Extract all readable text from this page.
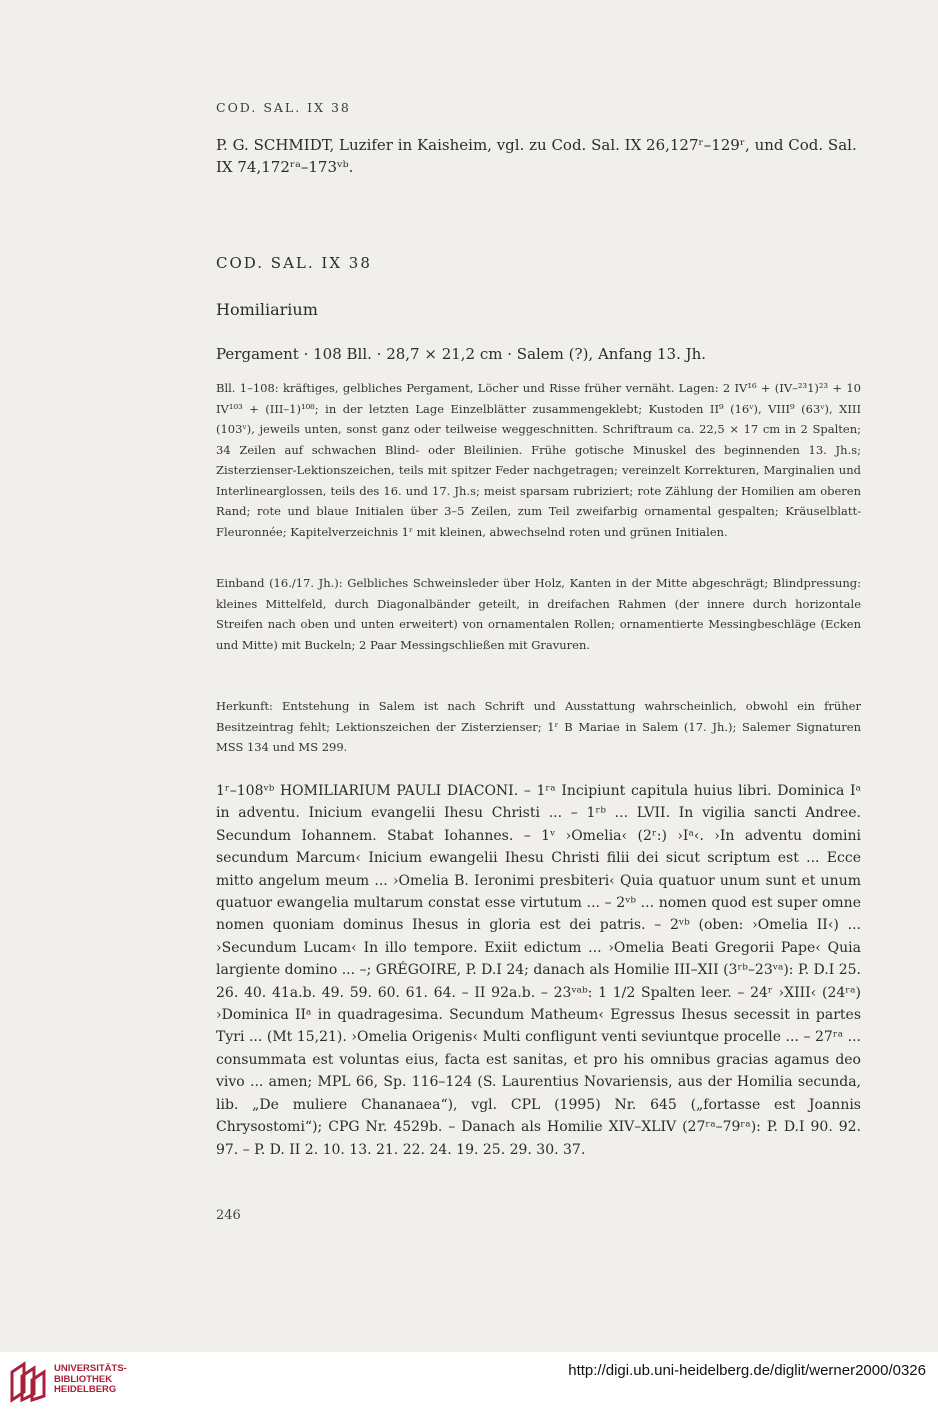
COD. SAL. IX 38
P. G. SCHMIDT, Luzifer in Kaisheim, vgl. zu Cod. Sal. IX 26,127ʳ–129ʳ, und Cod. Sal. IX 74,172ʳᵃ–173ᵛᵇ.
COD. SAL. IX 38
Homiliarium
Pergament · 108 Bll. · 28,7 × 21,2 cm · Salem (?), Anfang 13. Jh.
Bll. 1–108: kräftiges, gelbliches Pergament, Löcher und Risse früher vernäht. Lagen: 2 IV¹⁶ + (IV–²³1)²³ + 10 IV¹⁰³ + (III–1)¹⁰⁸; in der letzten Lage Einzelblätter zusammengeklebt; Kustoden II⁹ (16ᵛ), VIII⁹ (63ᵛ), XIII (103ᵛ), jeweils unten, sonst ganz oder teilweise weggeschnitten. Schriftraum ca. 22,5 × 17 cm in 2 Spalten; 34 Zeilen auf schwachen Blind- oder Bleilinien. Frühe gotische Minuskel des beginnenden 13. Jh.s; Zisterzienser-Lektionszeichen, teils mit spitzer Feder nachgetragen; vereinzelt Korrekturen, Marginalien und Interlinearglossen, teils des 16. und 17. Jh.s; meist sparsam rubriziert; rote Zählung der Homilien am oberen Rand; rote und blaue Initialen über 3–5 Zeilen, zum Teil zweifarbig ornamental gespalten; Kräuselblatt-Fleuronnée; Kapitelverzeichnis 1ʳ mit kleinen, abwechselnd roten und grünen Initialen.
Einband (16./17. Jh.): Gelbliches Schweinsleder über Holz, Kanten in der Mitte abgeschrägt; Blindpressung: kleines Mittelfeld, durch Diagonalbänder geteilt, in dreifachen Rahmen (der innere durch horizontale Streifen nach oben und unten erweitert) von ornamentalen Rollen; ornamentierte Messingbeschläge (Ecken und Mitte) mit Buckeln; 2 Paar Messingschließen mit Gravuren.
Herkunft: Entstehung in Salem ist nach Schrift und Ausstattung wahrscheinlich, obwohl ein früher Besitzeintrag fehlt; Lektionszeichen der Zisterzienser; 1ʳ B Mariae in Salem (17. Jh.); Salemer Signaturen MSS 134 und MS 299.
1ʳ–108ᵛᵇ HOMILIARIUM PAULI DIACONI. – 1ʳᵃ Incipiunt capitula huius libri. Dominica Iᵃ in adventu. Inicium evangelii Ihesu Christi ... – 1ʳᵇ ... LVII. In vigilia sancti Andree. Secundum Iohannem. Stabat Iohannes. – 1ᵛ ›Omelia‹ (2ʳ:) ›Iᵃ‹. ›In adventu domini secundum Marcum‹ Inicium ewangelii Ihesu Christi filii dei sicut scriptum est ... Ecce mitto angelum meum ... ›Omelia B. Ieronimi presbiteri‹ Quia quatuor unum sunt et unum quatuor ewangelia multarum constat esse virtutum ... – 2ᵛᵇ ... nomen quod est super omne nomen quoniam dominus Ihesus in gloria est dei patris. – 2ᵛᵇ (oben: ›Omelia II‹) ... ›Secundum Lucam‹ In illo tempore. Exiit edictum ... ›Omelia Beati Gregorii Pape‹ Quia largiente domino ... –; GRÉGOIRE, P. D.I 24; danach als Homilie III–XII (3ʳᵇ–23ᵛᵃ): P. D.I 25. 26. 40. 41a.b. 49. 59. 60. 61. 64. – II 92a.b. – 23ᵛᵃᵇ: 1 1/2 Spalten leer. – 24ʳ ›XIII‹ (24ʳᵃ) ›Dominica IIᵃ in quadragesima. Secundum Matheum‹ Egressus Ihesus secessit in partes Tyri ... (Mt 15,21). ›Omelia Origenis‹ Multi confligunt venti seviuntque procelle ... – 27ʳᵃ ... consummata est voluntas eius, facta est sanitas, et pro his omnibus gracias agamus deo vivo ... amen; MPL 66, Sp. 116–124 (S. Laurentius Novariensis, aus der Homilia secunda, lib. „De muliere Chananaea“), vgl. CPL (1995) Nr. 645 („fortasse est Joannis Chrysostomi“); CPG Nr. 4529b. – Danach als Homilie XIV–XLIV (27ʳᵃ–79ʳᵃ): P. D.I 90. 92. 97. – P. D. II 2. 10. 13. 21. 22. 24. 19. 25. 29. 30. 37.
246
UNIVERSITÄTS-
BIBLIOTHEK
HEIDELBERG
http://digi.ub.uni-heidelberg.de/diglit/werner2000/0326
